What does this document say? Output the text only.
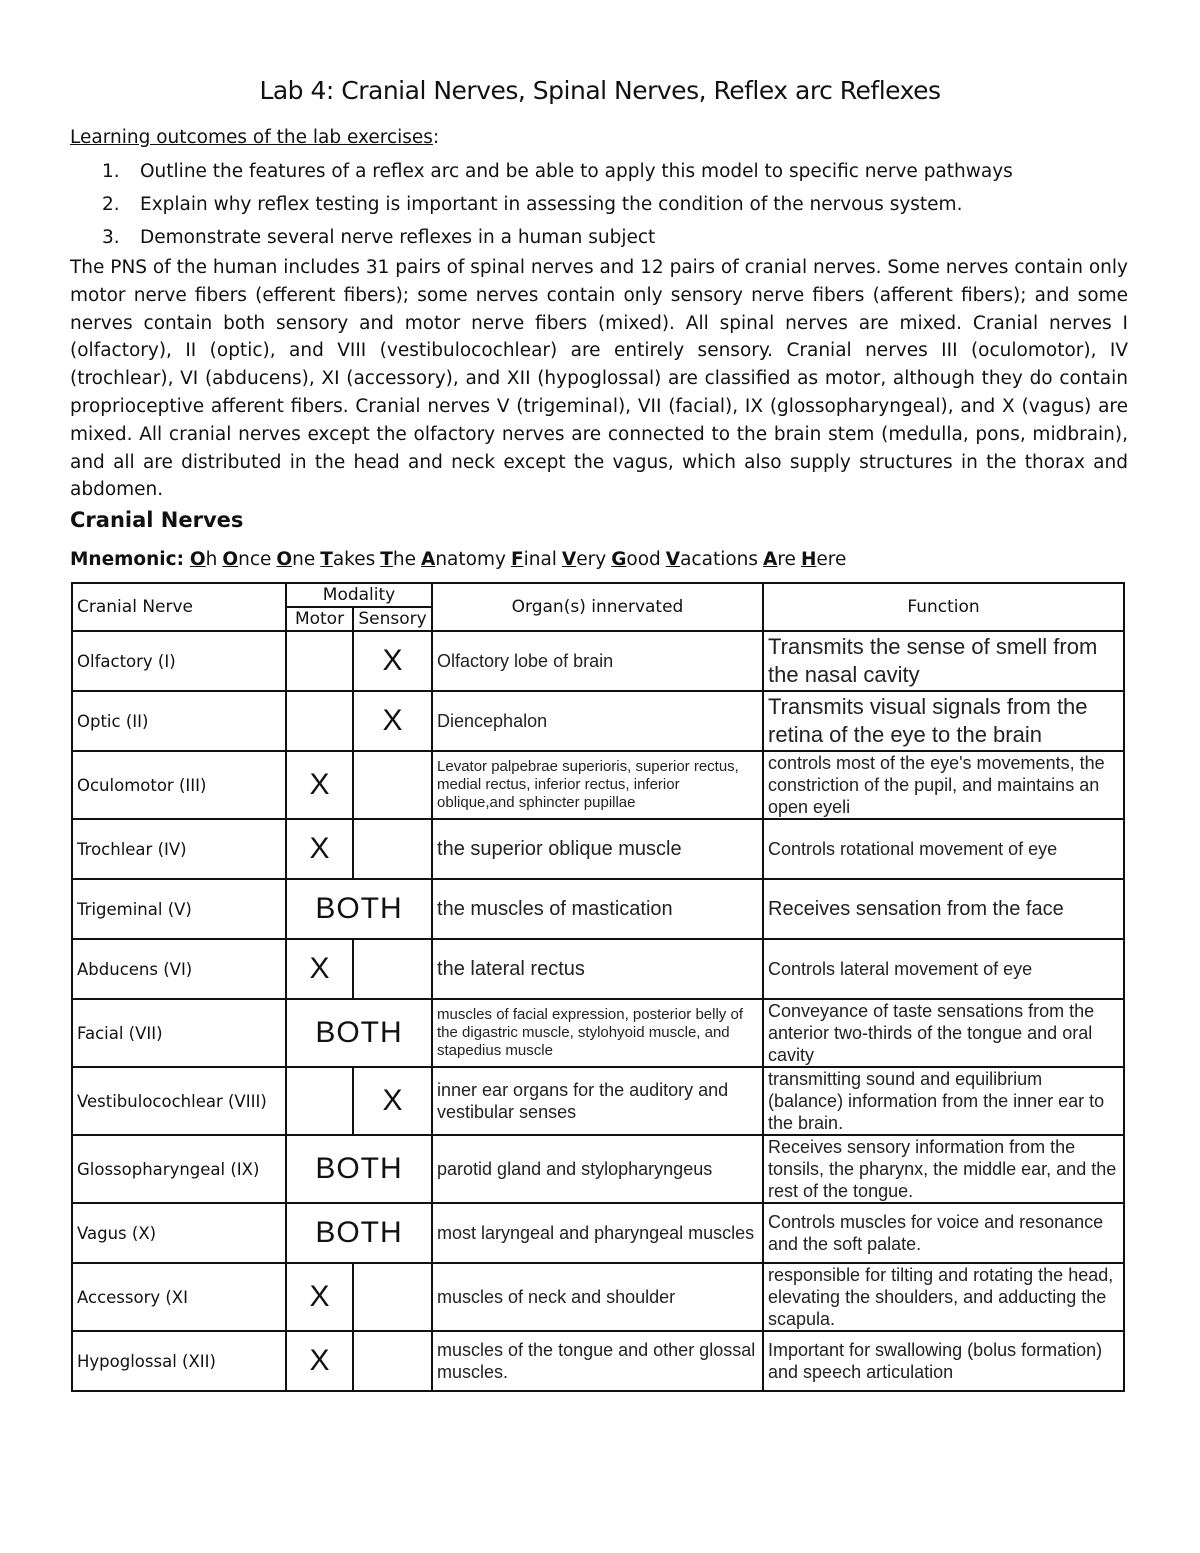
Lab 4: Cranial Nerves, Spinal Nerves, Reflex arc Reflexes
Learning outcomes of the lab exercises:
1. Outline the features of a reflex arc and be able to apply this model to specific nerve pathways
2. Explain why reflex testing is important in assessing the condition of the nervous system.
3. Demonstrate several nerve reflexes in a human subject

The PNS of the human includes 31 pairs of spinal nerves and 12 pairs of cranial nerves. Some nerves contain only motor nerve fibers (efferent fibers); some nerves contain only sensory nerve fibers (afferent fibers); and some nerves contain both sensory and motor nerve fibers (mixed). All spinal nerves are mixed. Cranial nerves I (olfactory), II (optic), and VIII (vestibulocochlear) are entirely sensory. Cranial nerves III (oculomotor), IV (trochlear), VI (abducens), XI (accessory), and XII (hypoglossal) are classified as motor, although they do contain proprioceptive afferent fibers. Cranial nerves V (trigeminal), VII (facial), IX (glossopharyngeal), and X (vagus) are mixed. All cranial nerves except the olfactory nerves are connected to the brain stem (medulla, pons, midbrain), and all are distributed in the head and neck except the vagus, which also supply structures in the thorax and abdomen.

Cranial Nerves
Mnemonic: Oh Once One Takes The Anatomy Final Very Good Vacations Are Here
Cranial Nerve	Modality		Organ(s) innervated	Function
	Motor	Sensory		
Olfactory (I)		X	Olfactory lobe of brain	Transmits the sense of smell from the nasal cavity
Optic (II)		X	Diencephalon	Transmits visual signals from the retina of the eye to the brain
Oculomotor (III)	X		Levator palpebrae superioris, superior rectus, medial rectus, inferior rectus, inferior oblique,and sphincter pupillae	controls most of the eye's movements, the constriction of the pupil, and maintains an open eyeli
Trochlear (IV)	X		the superior oblique muscle	Controls rotational movement of eye
Trigeminal (V)	BOTH		the muscles of mastication	Receives sensation from the face
Abducens (VI)	X		the lateral rectus	Controls lateral movement of eye
Facial (VII)	BOTH		muscles of facial expression, posterior belly of the digastric muscle, stylohyoid muscle, and stapedius muscle	Conveyance of taste sensations from the anterior two-thirds of the tongue and oral cavity
Vestibulocochlear (VIII)		X	inner ear organs for the auditory and vestibular senses	transmitting sound and equilibrium (balance) information from the inner ear to the brain.
Glossopharyngeal (IX)	BOTH		parotid gland and stylopharyngeus	Receives sensory information from the tonsils, the pharynx, the middle ear, and the rest of the tongue.
Vagus (X)	BOTH		most laryngeal and pharyngeal muscles	Controls muscles for voice and resonance and the soft palate.
Accessory (XI	X		muscles of neck and shoulder	responsible for tilting and rotating the head, elevating the shoulders, and adducting the scapula.
Hypoglossal (XII)	X		muscles of the tongue and other glossal muscles.	Important for swallowing (bolus formation) and speech articulation
